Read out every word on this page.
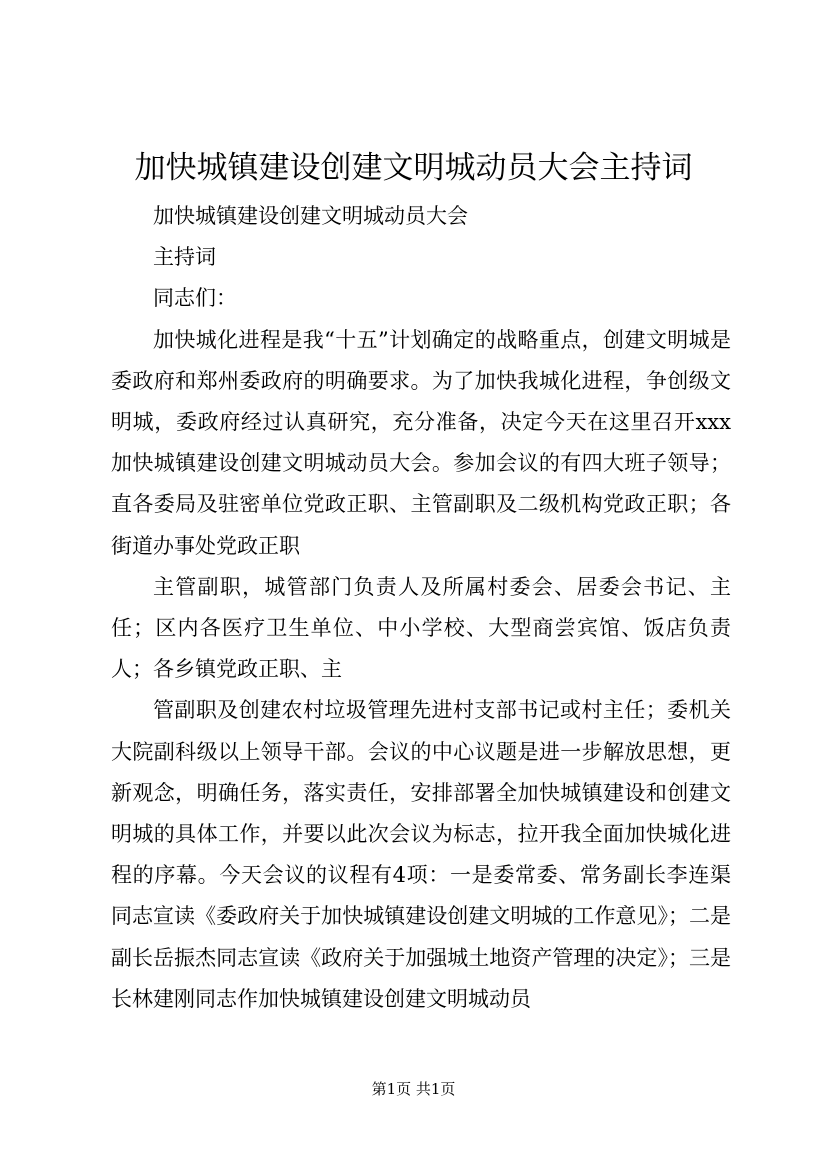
加快城镇建设创建文明城动员大会主持词

加快城镇建设创建文明城动员大会

主持词

同志们：

加快城化进程是我“十五”计划确定的战略重点，创建文明城是委政府和郑州委政府的明确要求。为了加快我城化进程，争创级文明城，委政府经过认真研究，充分准备，决定今天在这里召开xxx加快城镇建设创建文明城动员大会。参加会议的有四大班子领导；直各委局及驻密单位党政正职、主管副职及二级机构党政正职；各街道办事处党政正职

主管副职，城管部门负责人及所属村委会、居委会书记、主任；区内各医疗卫生单位、中小学校、大型商尝宾馆、饭店负责人；各乡镇党政正职、主

管副职及创建农村垃圾管理先进村支部书记或村主任；委机关大院副科级以上领导干部。会议的中心议题是进一步解放思想，更新观念，明确任务，落实责任，安排部署全加快城镇建设和创建文明城的具体工作，并要以此次会议为标志，拉开我全面加快城化进程的序幕。今天会议的议程有4项：一是委常委、常务副长李连渠同志宣读《委政府关于加快城镇建设创建文明城的工作意见》；二是副长岳振杰同志宣读《政府关于加强城土地资产管理的决定》；三是长林建刚同志作加快城镇建设创建文明城动员

第1页 共1页
